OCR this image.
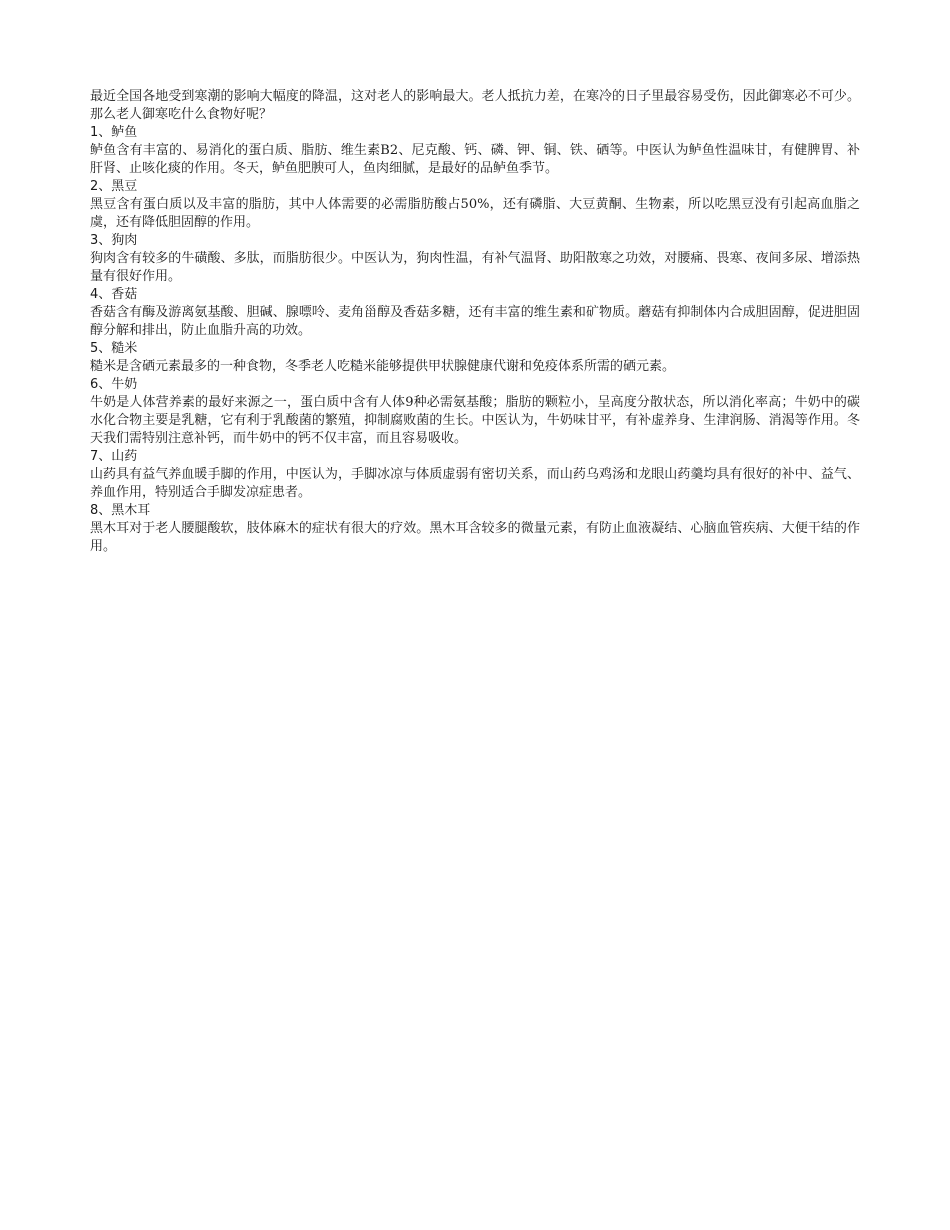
最近全国各地受到寒潮的影响大幅度的降温，这对老人的影响最大。老人抵抗力差，在寒冷的日子里最容易受伤，因此御寒必不可少。那么老人御寒吃什么食物好呢？

1、鲈鱼

鲈鱼含有丰富的、易消化的蛋白质、脂肪、维生素B2、尼克酸、钙、磷、钾、铜、铁、硒等。中医认为鲈鱼性温味甘，有健脾胃、补肝肾、止咳化痰的作用。冬天，鲈鱼肥腴可人，鱼肉细腻，是最好的品鲈鱼季节。

2、黑豆

黑豆含有蛋白质以及丰富的脂肪，其中人体需要的必需脂肪酸占50%，还有磷脂、大豆黄酮、生物素，所以吃黑豆没有引起高血脂之虞，还有降低胆固醇的作用。

3、狗肉

狗肉含有较多的牛磺酸、多肽，而脂肪很少。中医认为，狗肉性温，有补气温肾、助阳散寒之功效，对腰痛、畏寒、夜间多尿、增添热量有很好作用。

4、香菇

香菇含有酶及游离氨基酸、胆碱、腺嘌呤、麦角甾醇及香菇多糖，还有丰富的维生素和矿物质。蘑菇有抑制体内合成胆固醇，促进胆固醇分解和排出，防止血脂升高的功效。

5、糙米

糙米是含硒元素最多的一种食物，冬季老人吃糙米能够提供甲状腺健康代谢和免疫体系所需的硒元素。

6、牛奶

牛奶是人体营养素的最好来源之一，蛋白质中含有人体9种必需氨基酸；脂肪的颗粒小，呈高度分散状态，所以消化率高；牛奶中的碳水化合物主要是乳糖，它有利于乳酸菌的繁殖，抑制腐败菌的生长。中医认为，牛奶味甘平，有补虚养身、生津润肠、消渴等作用。冬天我们需特别注意补钙，而牛奶中的钙不仅丰富，而且容易吸收。

7、山药

山药具有益气养血暖手脚的作用，中医认为，手脚冰凉与体质虚弱有密切关系，而山药乌鸡汤和龙眼山药羹均具有很好的补中、益气、养血作用，特别适合手脚发凉症患者。

8、黑木耳

黑木耳对于老人腰腿酸软，肢体麻木的症状有很大的疗效。黑木耳含较多的微量元素，有防止血液凝结、心脑血管疾病、大便干结的作用。
